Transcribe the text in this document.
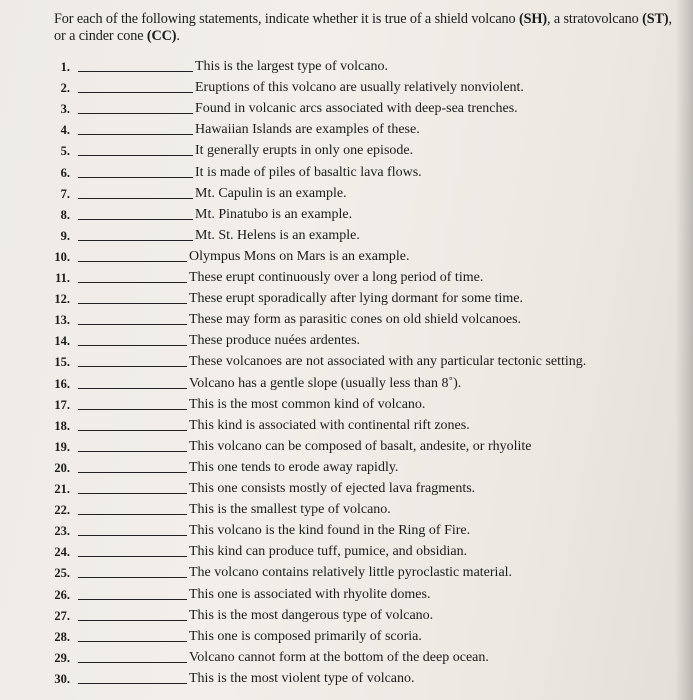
For each of the following statements, indicate whether it is true of a shield volcano (SH), a stratovolcano (ST), or a cinder cone (CC).
1.	This is the largest type of volcano.
2.	Eruptions of this volcano are usually relatively nonviolent.
3.	Found in volcanic arcs associated with deep-sea trenches.
4.	Hawaiian Islands are examples of these.
5.	It generally erupts in only one episode.
6.	It is made of piles of basaltic lava flows.
7.	Mt. Capulin is an example.
8.	Mt. Pinatubo is an example.
9.	Mt. St. Helens is an example.
10.	Olympus Mons on Mars is an example.
11.	These erupt continuously over a long period of time.
12.	These erupt sporadically after lying dormant for some time.
13.	These may form as parasitic cones on old shield volcanoes.
14.	These produce nuées ardentes.
15.	These volcanoes are not associated with any particular tectonic setting.
16.	Volcano has a gentle slope (usually less than 8˚).
17.	This is the most common kind of volcano.
18.	This kind is associated with continental rift zones.
19.	This volcano can be composed of basalt, andesite, or rhyolite
20.	This one tends to erode away rapidly.
21.	This one consists mostly of ejected lava fragments.
22.	This is the smallest type of volcano.
23.	This volcano is the kind found in the Ring of Fire.
24.	This kind can produce tuff, pumice, and obsidian.
25.	The volcano contains relatively little pyroclastic material.
26.	This one is associated with rhyolite domes.
27.	This is the most dangerous type of volcano.
28.	This one is composed primarily of scoria.
29.	Volcano cannot form at the bottom of the deep ocean.
30.	This is the most violent type of volcano.
